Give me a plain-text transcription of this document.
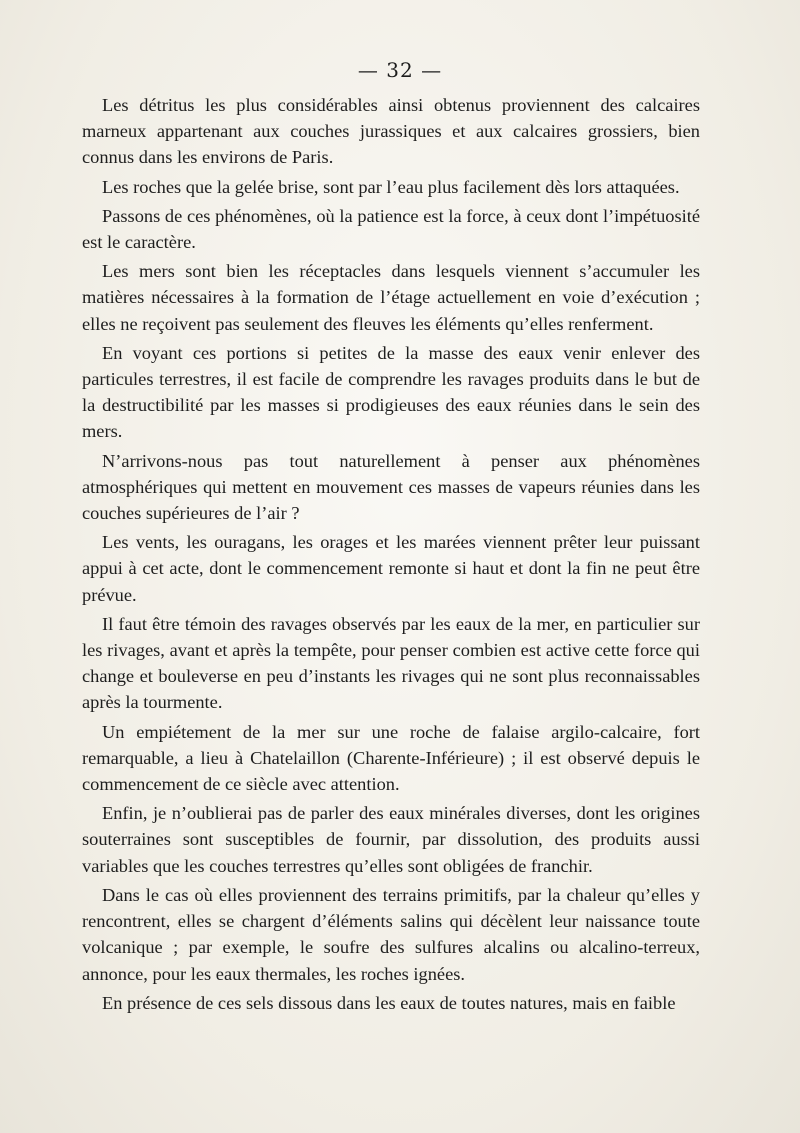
— 32 —

Les détritus les plus considérables ainsi obtenus proviennent des calcaires marneux appartenant aux couches jurassiques et aux calcaires grossiers, bien connus dans les environs de Paris.

Les roches que la gelée brise, sont par l’eau plus facilement dès lors attaquées.

Passons de ces phénomènes, où la patience est la force, à ceux dont l’impétuosité est le caractère.

Les mers sont bien les réceptacles dans lesquels viennent s’accumuler les matières nécessaires à la formation de l’étage actuellement en voie d’exécution ; elles ne reçoivent pas seulement des fleuves les éléments qu’elles renferment.

En voyant ces portions si petites de la masse des eaux venir enlever des particules terrestres, il est facile de comprendre les ravages produits dans le but de la destructibilité par les masses si prodigieuses des eaux réunies dans le sein des mers.

N’arrivons-nous pas tout naturellement à penser aux phénomènes atmosphériques qui mettent en mouvement ces masses de vapeurs réunies dans les couches supérieures de l’air ?

Les vents, les ouragans, les orages et les marées viennent prêter leur puissant appui à cet acte, dont le commencement remonte si haut et dont la fin ne peut être prévue.

Il faut être témoin des ravages observés par les eaux de la mer, en particulier sur les rivages, avant et après la tempête, pour penser combien est active cette force qui change et bouleverse en peu d’instants les rivages qui ne sont plus reconnaissables après la tourmente.

Un empiétement de la mer sur une roche de falaise argilo-calcaire, fort remarquable, a lieu à Chatelaillon (Charente-Inférieure) ; il est observé depuis le commencement de ce siècle avec attention.

Enfin, je n’oublierai pas de parler des eaux minérales diverses, dont les origines souterraines sont susceptibles de fournir, par dissolution, des produits aussi variables que les couches terrestres qu’elles sont obligées de franchir.

Dans le cas où elles proviennent des terrains primitifs, par la chaleur qu’elles y rencontrent, elles se chargent d’éléments salins qui décèlent leur naissance toute volcanique ; par exemple, le soufre des sulfures alcalins ou alcalino-terreux, annonce, pour les eaux thermales, les roches ignées.

En présence de ces sels dissous dans les eaux de toutes natures, mais en faible
